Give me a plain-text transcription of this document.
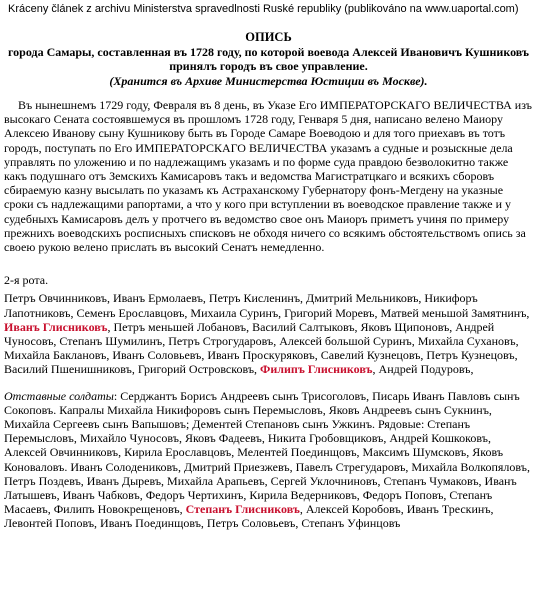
Kráceny článek z archivu Ministerstva spravedlnosti Ruské republiky (publikováno na www.uaportal.com)
ОПИСЬ
города Самары, составленная въ 1728 году, по которой воевода Алексей Ивановичъ Кушниковъ принялъ городъ въ свое управление.
(Хранится въ Архиве Министерства Юстиции въ Москве).

Въ нынешнемъ 1729 году, Февраля въ 8 день, въ Указе Его ИМПЕРАТОРСКАГО ВЕЛИЧЕСТВА изъ высокаго Сената состоявшемуся въ прошломъ 1728 году, Генваря 5 дня, написано велено Маиору Алексею Иванову сыну Кушникову быть въ Городе Самаре Воеводою и для того приехавъ въ тотъ городъ, поступать по Его ИМПЕРАТОРСКАГО ВЕЛИЧЕСТВА указамъ а судные и розыскные дела управлять по уложению и по надлежащимъ указамъ и по форме суда правдою безволокитно также какъ подушнаго отъ Земскихъ Камисаровъ такъ и ведомства Магистратцкаго и всякихъ сборовъ сбираемую казну высылать по указамъ къ Астраханскому Губернатору фонъ-Мегдену на указные сроки съ надлежащими рапортами, а что у кого при вступлении въ воеводское правление также и у судебныхъ Камисаровъ делъ у протчего въ ведомство свое онъ Маиоръ приметъ учиня по примеру прежнихъ воеводскихъ росписныхъ списковъ не обходя ничего со всякимъ обстоятельствомъ опись за своею рукою велено прислать въ высокий Сенатъ немедленно.

2-я рота.

Петръ Овчинниковъ, Иванъ Ермолаевъ, Петръ Кисленинъ, Дмитрий Мельниковъ, Никифоръ Лапотниковъ, Семенъ Ерославцовъ, Михаила Суринъ, Григорий Моревъ, Матвей меньшой Замятнинъ, Иванъ Глисниковъ, Петръ меньшей Лобановъ, Василий Салтыковъ, Яковъ Щипоновъ, Андрей Чуносовъ, Степанъ Шумилинъ, Петръ Строгударовъ, Алексей большой Суринъ, Михайла Сухановъ, Михайла Баклановъ, Иванъ Соловьевъ, Иванъ Проскуряковъ, Савелий Кузнецовъ, Петръ Кузнецовъ, Василий Пшенишниковъ, Григорий Островсковъ, Филипъ Глисниковъ, Андрей Подуровъ,

Отставные солдаты: Серджантъ Борисъ Андреевъ сынъ Трисоголовъ, Писарь Иванъ Павловъ сынъ Сокоповъ. Капралы Михайла Никифоровъ сынъ Перемысловъ, Яковъ Андреевъ сынъ Сукнинъ, Михайла Сергеевъ сынъ Вапышовъ; Дементей Степановъ сынъ Ужкинъ. Рядовые: Степанъ Перемысловъ, Михайло Чуносовъ, Яковъ Фадеевъ, Никита Гробовщиковъ, Андрей Кошкоковъ, Алексей Овчинниковъ, Кирила Ерославцовъ, Мелентей Поединщовъ, Максимъ Шумсковъ, Яковъ Коноваловъ. Иванъ Солодениковъ, Дмитрий Приезжевъ, Павелъ Стрегударовъ, Михайла Волкопяловъ, Петръ Поздевъ, Иванъ Дыревъ, Михайла Арапьевъ, Сергей Уклочниновъ, Степанъ Чумаковъ, Иванъ Латышевъ, Иванъ Чабковъ, Федоръ Чертихинъ, Кирила Ведерниковъ, Федоръ Поповъ, Степанъ Масаевъ, Филипъ Новокрещеновъ, Степанъ Глисниковъ, Алексей Коробовъ, Иванъ Трескинъ, Левонтей Поповъ, Иванъ Поединщовъ, Петръ Соловьевъ, Степанъ Уфинцовъ
